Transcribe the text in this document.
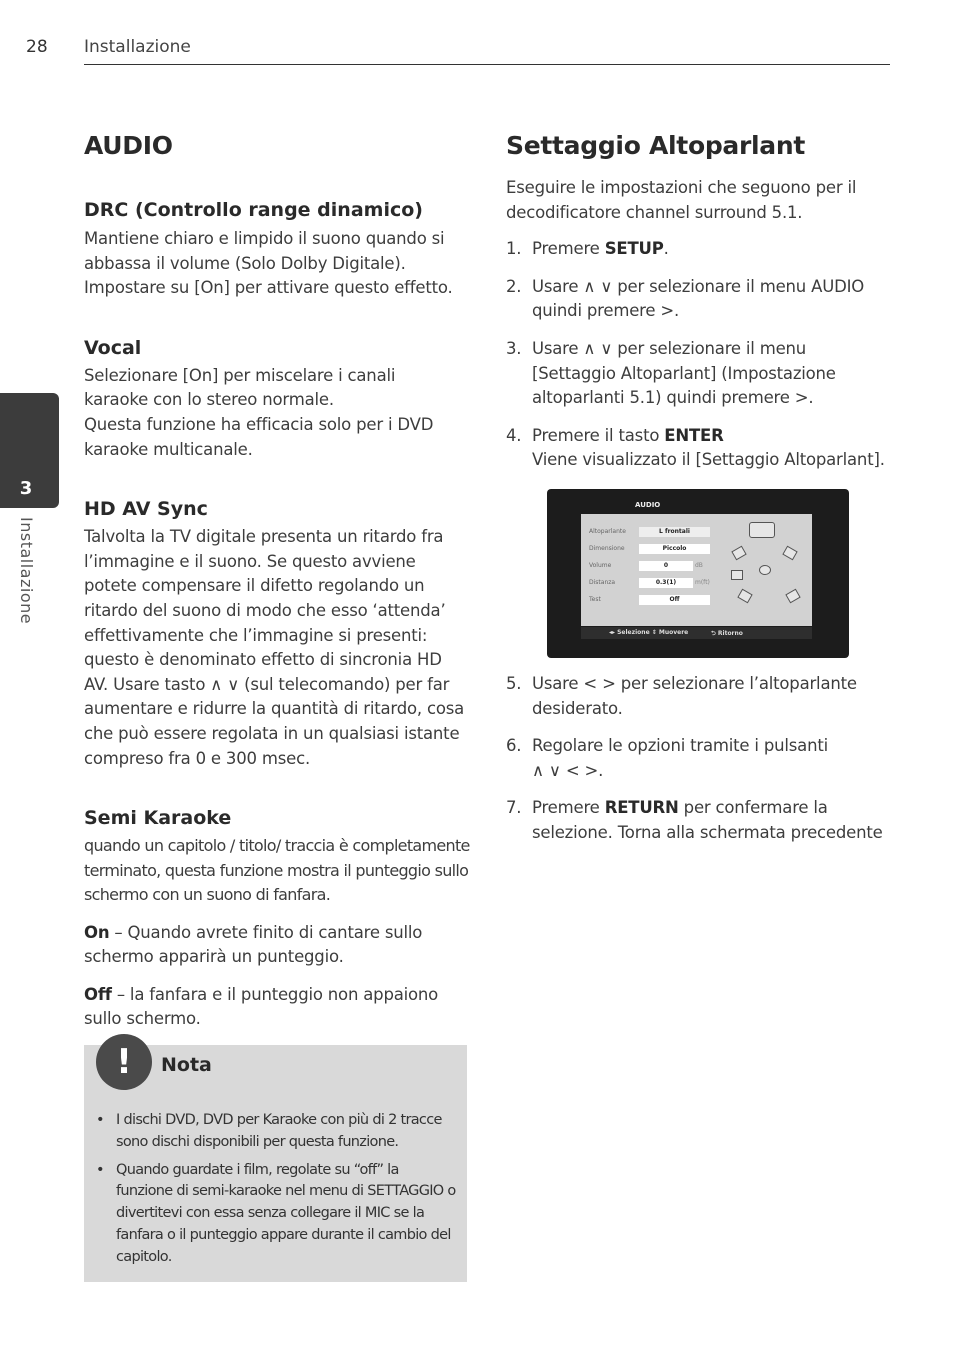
28 Installazione
3
Installazione
AUDIO
DRC (Controllo range dinamico)

Mantiene chiaro e limpido il suono quando si abbassa il volume (Solo Dolby Digitale). Impostare su [On] per attivare questo effetto.

Vocal

Selezionare [On] per miscelare i canali karaoke con lo stereo normale.

Questa funzione ha efficacia solo per i DVD karaoke multicanale.

HD AV Sync

Talvolta la TV digitale presenta un ritardo fra l’immagine e il suono. Se questo avviene potete compensare il difetto regolando un ritardo del suono di modo che esso ‘attenda’ effettivamente che l’immagine si presenti: questo è denominato effetto di sincronia HD AV. Usare tasto ∧ ∨ (sul telecomando) per far aumentare e ridurre la quantità di ritardo, cosa che può essere regolata in un qualsiasi istante compreso fra 0 e 300 msec.

Semi Karaoke

quando un capitolo / titolo/ traccia è completamente terminato, questa funzione mostra il punteggio sullo schermo con un suono di fanfara.

On – Quando avrete finito di cantare sullo schermo apparirà un punteggio.

Off – la fanfara e il punteggio non appaiono sullo schermo.

!	Nota
• I dischi DVD, DVD per Karaoke con più di 2 tracce sono dischi disponibili per questa funzione.
• Quando guardate i film, regolate su “off” la funzione di semi-karaoke nel menu di SETTAGGIO o divertitevi con essa senza collegare il MIC se la fanfara o il punteggio appare durante il cambio del capitolo.
Settaggio Altoparlant

Eseguire le impostazioni che seguono per il decodificatore channel surround 5.1.

1. Premere SETUP.
2. Usare ∧ ∨ per selezionare il menu AUDIO quindi premere >.
3. Usare ∧ ∨ per selezionare il menu [Settaggio Altoparlant] (Impostazione altoparlanti 5.1) quindi premere >.
4. Premere il tasto ENTER
Viene visualizzato il [Settaggio Altoparlant].
AUDIO
Altoparlante	L frontali
Dimensione	Piccolo
Volume	0	dB
Distanza	0.3(1)	m(ft)
Test	Off
◂▸ Selezione ⇕ Muovere	⮌ Ritorno
5. Usare < > per selezionare l’altoparlante desiderato.
6. Regolare le opzioni tramite i pulsanti ∧ ∨ < >.
7. Premere RETURN per confermare la selezione. Torna alla schermata precedente
